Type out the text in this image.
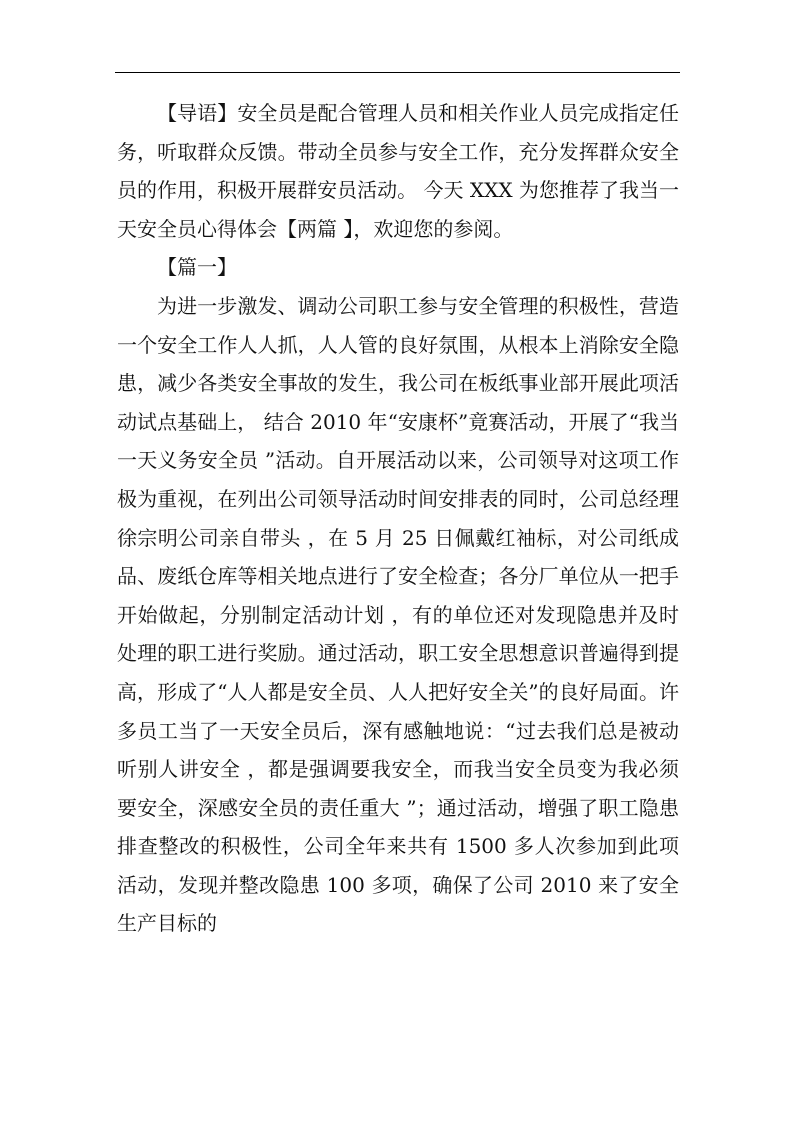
【导语】安全员是配合管理人员和相关作业人员完成指定任务，听取群众反馈。带动全员参与安全工作，充分发挥群众安全员的作用，积极开展群安员活动。 今天 XXX 为您推荐了我当一天安全员心得体会【两篇 】，欢迎您的参阅。

【篇一】

为进一步激发、调动公司职工参与安全管理的积极性，营造一个安全工作人人抓，人人管的良好氛围，从根本上消除安全隐患，减少各类安全事故的发生，我公司在板纸事业部开展此项活动试点基础上， 结合 2010 年“安康杯”竟赛活动，开展了“我当一天义务安全员 ”活动。自开展活动以来，公司领导对这项工作极为重视，在列出公司领导活动时间安排表的同时，公司总经理徐宗明公司亲自带头 ，在 5 月 25 日佩戴红袖标，对公司纸成品、废纸仓库等相关地点进行了安全检查；各分厂单位从一把手开始做起，分别制定活动计划 ，有的单位还对发现隐患并及时处理的职工进行奖励。通过活动，职工安全思想意识普遍得到提高，形成了“人人都是安全员、人人把好安全关”的良好局面。许多员工当了一天安全员后，深有感触地说：“过去我们总是被动听别人讲安全 ，都是强调要我安全，而我当安全员变为我必须要安全，深感安全员的责任重大 ”；通过活动，增强了职工隐患排查整改的积极性，公司全年来共有 1500 多人次参加到此项活动，发现并整改隐患 100 多项，确保了公司 2010 来了安全生产目标的
